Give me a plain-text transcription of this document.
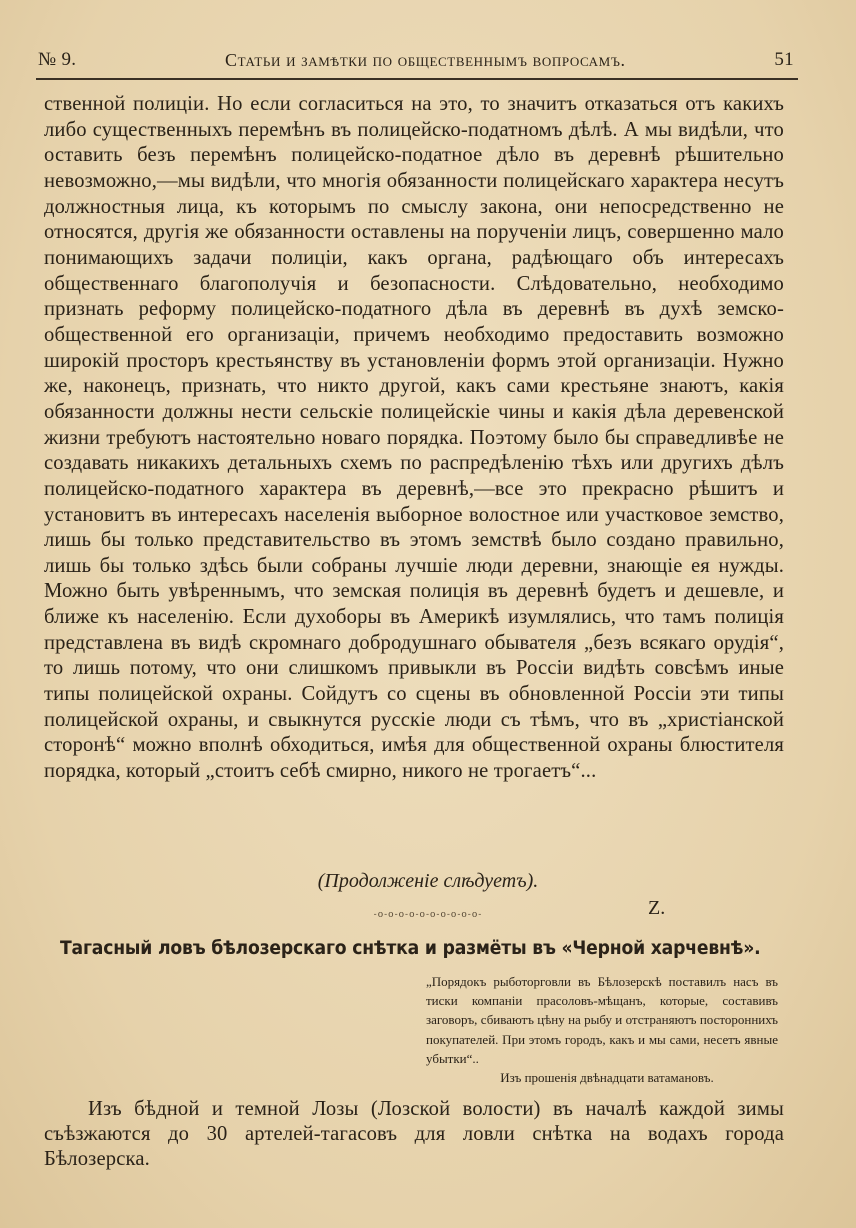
№ 9.	Статьи и замѣтки по общественнымъ вопросамъ.	51

ственной полиціи. Но если согласиться на это, то значитъ отказаться отъ какихъ либо существенныхъ перемѣнъ въ полицейско-податномъ дѣлѣ. А мы видѣли, что оставить безъ перемѣнъ полицейско-податное дѣло въ деревнѣ рѣшительно невозможно,—мы видѣли, что многія обязанности полицейскаго характера несутъ должностныя лица, къ которымъ по смыслу закона, они непосредственно не относятся, другія же обязанности оставлены на порученіи лицъ, совершенно мало понимающихъ задачи полиціи, какъ органа, радѣющаго объ интересахъ общественнаго благополучія и безопасности. Слѣдовательно, необходимо признать реформу полицейско-податного дѣла въ деревнѣ въ духѣ земско-общественной его организаціи, причемъ необходимо предоставить возможно широкій просторъ крестьянству въ установленіи формъ этой организаціи. Нужно же, наконецъ, признать, что никто другой, какъ сами крестьяне знаютъ, какія обязанности должны нести сельскіе полицейскіе чины и какія дѣла деревенской жизни требуютъ настоятельно новаго порядка. Поэтому было бы справедливѣе не создавать никакихъ детальныхъ схемъ по распредѣленію тѣхъ или другихъ дѣлъ полицейско-податного характера въ деревнѣ,—все это прекрасно рѣшитъ и установитъ въ интересахъ населенія выборное волостное или участковое земство, лишь бы только представительство въ этомъ земствѣ было создано правильно, лишь бы только здѣсь были собраны лучшіе люди деревни, знающіе ея нужды. Можно быть увѣреннымъ, что земская полиція въ деревнѣ будетъ и дешевле, и ближе къ населенію. Если духоборы въ Америкѣ изумлялись, что тамъ полиція представлена въ видѣ скромнаго добродушнаго обывателя „безъ всякаго орудія“, то лишь потому, что они слишкомъ привыкли въ Россіи видѣть совсѣмъ иные типы полицейской охраны. Сойдутъ со сцены въ обновленной Россіи эти типы полицейской охраны, и свыкнутся русскіе люди съ тѣмъ, что въ „христіанской сторонѣ“ можно вполнѣ обходиться, имѣя для общественной охраны блюстителя порядка, который „стоитъ себѣ смирно, никого не трогаетъ“...

(Продолженіе слѣдуетъ).
Z.
-o-o-o-o-o-o-o-o-o-o-
Тагасный ловъ бѣлозерскаго снѣтка и размёты въ «Черной харчевнѣ».
„Порядокъ рыботорговли въ Бѣлозерскѣ поставилъ насъ въ тиски компаніи прасоловъ-мѣщанъ, которые, составивъ заговоръ, сбиваютъ цѣну на рыбу и отстраняютъ постороннихъ покупателей. При этомъ городъ, какъ и мы сами, несетъ явные убытки“..
Изъ прошенія двѣнадцати ватамановъ.

Изъ бѣдной и темной Лозы (Лозской волости) въ началѣ каждой зимы съѣзжаются до 30 артелей-тагасовъ для ловли снѣтка на водахъ города Бѣлозерска.
